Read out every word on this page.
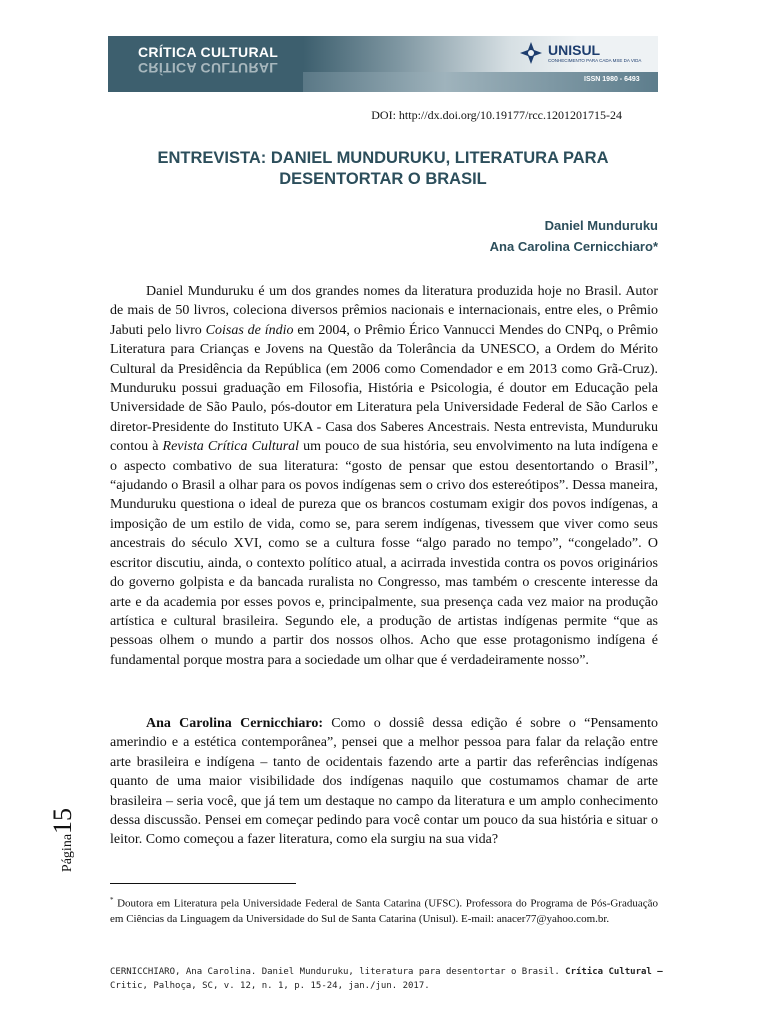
CRÍTICA CULTURAL
CRÍTICA CULTURAL
UNISUL
CONHECIMENTO PARA CADA MSE DA VIDA
ISSN 1980 - 6493
DOI: http://dx.doi.org/10.19177/rcc.1201201715-24
ENTREVISTA: DANIEL MUNDURUKU, LITERATURA PARA
DESENTORTAR O BRASIL
Daniel Munduruku
Ana Carolina Cernicchiaro*
Daniel Munduruku é um dos grandes nomes da literatura produzida hoje no Brasil. Autor de mais de 50 livros, coleciona diversos prêmios nacionais e internacionais, entre eles, o Prêmio Jabuti pelo livro Coisas de índio em 2004, o Prêmio Érico Vannucci Mendes do CNPq, o Prêmio Literatura para Crianças e Jovens na Questão da Tolerância da UNESCO, a Ordem do Mérito Cultural da Presidência da República (em 2006 como Comendador e em 2013 como Grã-Cruz). Munduruku possui graduação em Filosofia, História e Psicologia, é doutor em Educação pela Universidade de São Paulo, pós-doutor em Literatura pela Universidade Federal de São Carlos e diretor-Presidente do Instituto UKA - Casa dos Saberes Ancestrais. Nesta entrevista, Munduruku contou à Revista Crítica Cultural um pouco de sua história, seu envolvimento na luta indígena e o aspecto combativo de sua literatura: “gosto de pensar que estou desentortando o Brasil”, “ajudando o Brasil a olhar para os povos indígenas sem o crivo dos estereótipos”. Dessa maneira, Munduruku questiona o ideal de pureza que os brancos costumam exigir dos povos indígenas, a imposição de um estilo de vida, como se, para serem indígenas, tivessem que viver como seus ancestrais do século XVI, como se a cultura fosse “algo parado no tempo”, “congelado”. O escritor discutiu, ainda, o contexto político atual, a acirrada investida contra os povos originários do governo golpista e da bancada ruralista no Congresso, mas também o crescente interesse da arte e da academia por esses povos e, principalmente, sua presença cada vez maior na produção artística e cultural brasileira. Segundo ele, a produção de artistas indígenas permite “que as pessoas olhem o mundo a partir dos nossos olhos. Acho que esse protagonismo indígena é fundamental porque mostra para a sociedade um olhar que é verdadeiramente nosso”.
Ana Carolina Cernicchiaro: Como o dossiê dessa edição é sobre o “Pensamento amerindio e a estética contemporânea”, pensei que a melhor pessoa para falar da relação entre arte brasileira e indígena – tanto de ocidentais fazendo arte a partir das referências indígenas quanto de uma maior visibilidade dos indígenas naquilo que costumamos chamar de arte brasileira – seria você, que já tem um destaque no campo da literatura e um amplo conhecimento dessa discussão. Pensei em começar pedindo para você contar um pouco da sua história e situar o leitor. Como começou a fazer literatura, como ela surgiu na sua vida?
Página15
* Doutora em Literatura pela Universidade Federal de Santa Catarina (UFSC). Professora do Programa de Pós-Graduação em Ciências da Linguagem da Universidade do Sul de Santa Catarina (Unisul). E-mail: anacer77@yahoo.com.br.
CERNICCHIARO, Ana Carolina. Daniel Munduruku, literatura para desentortar o Brasil. Crítica Cultural –
Critic, Palhoça, SC, v. 12, n. 1, p. 15-24, jan./jun. 2017.
